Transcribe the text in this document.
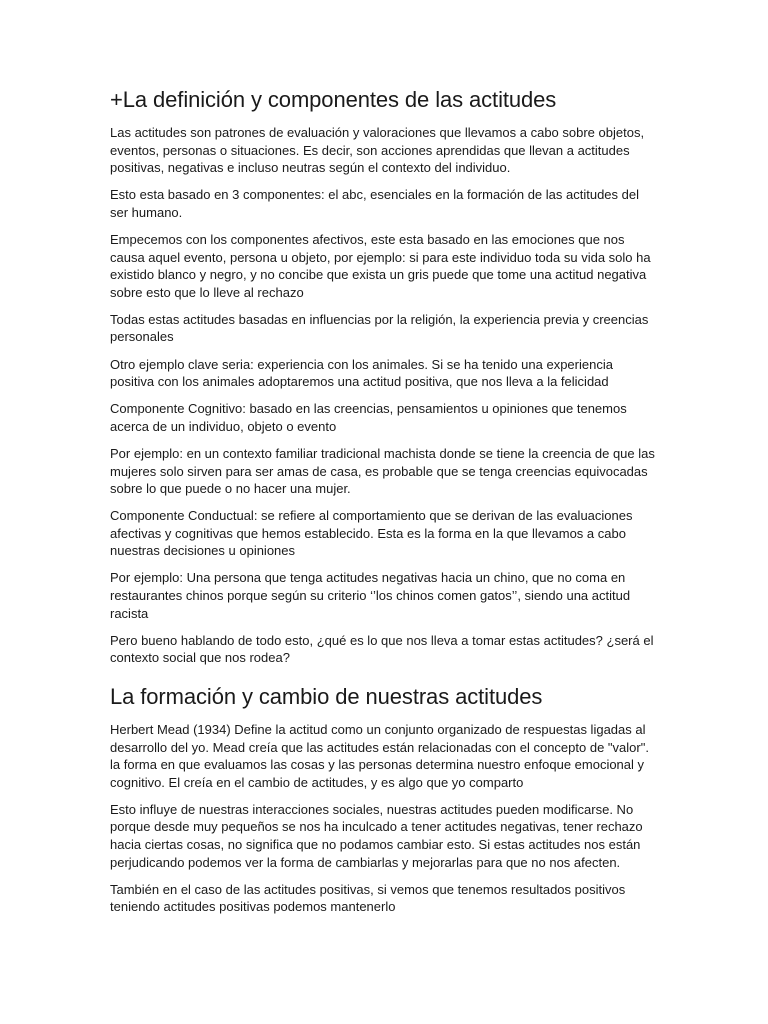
+La definición y componentes de las actitudes

Las actitudes son patrones de evaluación y valoraciones que llevamos a cabo sobre objetos, eventos, personas o situaciones. Es decir, son acciones aprendidas que llevan a actitudes positivas, negativas e incluso neutras según el contexto del individuo.

Esto esta basado en 3 componentes: el abc, esenciales en la formación de las actitudes del ser humano.

Empecemos con los componentes afectivos, este esta basado en las emociones que nos causa aquel evento, persona u objeto, por ejemplo: si para este individuo toda su vida solo ha existido blanco y negro, y no concibe que exista un gris puede que tome una actitud negativa sobre esto que lo lleve al rechazo

Todas estas actitudes basadas en influencias por la religión, la experiencia previa y creencias personales

Otro ejemplo clave seria: experiencia con los animales. Si se ha tenido una experiencia positiva con los animales adoptaremos una actitud positiva, que nos lleva a la felicidad

Componente Cognitivo: basado en las creencias, pensamientos u opiniones que tenemos acerca de un individuo, objeto o evento

Por ejemplo: en un contexto familiar tradicional machista donde se tiene la creencia de que las mujeres solo sirven para ser amas de casa, es probable que se tenga creencias equivocadas sobre lo que puede o no hacer una mujer.

Componente Conductual: se refiere al comportamiento que se derivan de las evaluaciones afectivas y cognitivas que hemos establecido. Esta es la forma en la que llevamos a cabo nuestras decisiones u opiniones

Por ejemplo: Una persona que tenga actitudes negativas hacia un chino, que no coma en restaurantes chinos porque según su criterio ‘’los chinos comen gatos’’, siendo una actitud racista

Pero bueno hablando de todo esto, ¿qué es lo que nos lleva a tomar estas actitudes? ¿será el contexto social que nos rodea?

La formación y cambio de nuestras actitudes

Herbert Mead (1934) Define la actitud como un conjunto organizado de respuestas ligadas al desarrollo del yo. Mead creía que las actitudes están relacionadas con el concepto de "valor". la forma en que evaluamos las cosas y las personas determina nuestro enfoque emocional y cognitivo. El creía en el cambio de actitudes, y es algo que yo comparto

Esto influye de nuestras interacciones sociales, nuestras actitudes pueden modificarse. No porque desde muy pequeños se nos ha inculcado a tener actitudes negativas, tener rechazo hacia ciertas cosas, no significa que no podamos cambiar esto. Si estas actitudes nos están perjudicando podemos ver la forma de cambiarlas y mejorarlas para que no nos afecten.

También en el caso de las actitudes positivas, si vemos que tenemos resultados positivos teniendo actitudes positivas podemos mantenerlo
